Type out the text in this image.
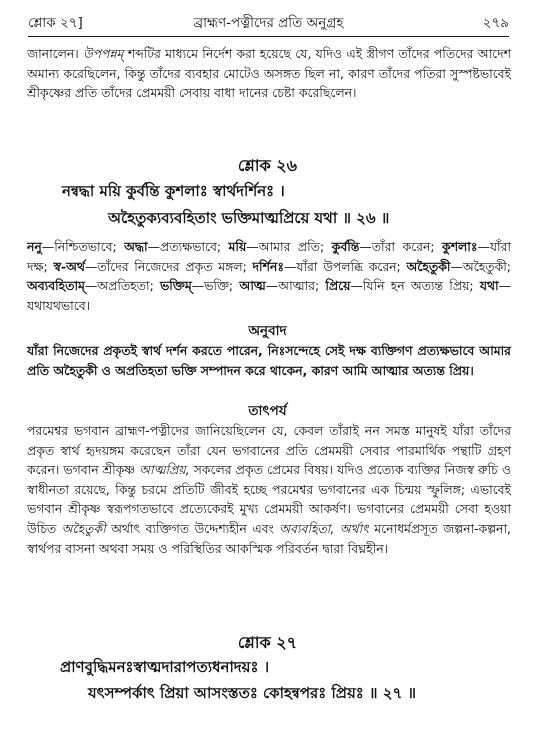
শ্লোক ২৭]	ব্রাহ্মণ-পত্নীদের প্রতি অনুগ্রহ	২৭৯
জানালেন। উপপন্নম্ শব্দটির মাধ্যমে নির্দেশ করা হয়েছে যে, যদিও এই স্ত্রীগণ তাঁদের পতিদের আদেশ অমান্য করেছিলেন, কিন্তু তাঁদের ব্যবহার মোটেও অসঙ্গত ছিল না, কারণ তাঁদের পতিরা সুস্পষ্টভাবেই শ্রীকৃষ্ণের প্রতি তাঁদের প্রেমময়ী সেবায় বাধা দানের চেষ্টা করেছিলেন।
শ্লোক ২৬
নন্বদ্ধা ময়ি কুর্বন্তি কুশলাঃ স্বার্থদর্শিনঃ ।
অহৈতুক্যব্যবহিতাং ভক্তিমাত্মপ্রিয়ে যথা ॥ ২৬ ॥
ননু—নিশ্চিতভাবে; অদ্ধা—প্রত্যক্ষভাবে; ময়ি—আমার প্রতি; কুর্বন্তি—তাঁরা করেন; কুশলাঃ—যাঁরা দক্ষ; স্ব-অর্থ—তাঁদের নিজেদের প্রকৃত মঙ্গল; দর্শিনঃ—যাঁরা উপলব্ধি করেন; অহৈতুকী—অহৈতুকী; অব্যবহিতাম্—অপ্রতিহতা; ভক্তিম্—ভক্তি; আত্ম—আত্মার; প্রিয়ে—যিনি হন অত্যন্ত প্রিয়; যথা—যথাযথভাবে।
অনুবাদ
যাঁরা নিজেদের প্রকৃতই স্বার্থ দর্শন করতে পারেন, নিঃসন্দেহে সেই দক্ষ ব্যক্তিগণ প্রত্যক্ষভাবে আমার প্রতি অহৈতুকী ও অপ্রতিহতা ভক্তি সম্পাদন করে থাকেন, কারণ আমি আত্মার অত্যন্ত প্রিয়।
তাৎপর্য
পরমেশ্বর ভগবান ব্রাহ্মণ-পত্নীদের জানিয়েছিলেন যে, কেবল তাঁরাই নন সমস্ত মানুষই যাঁরা তাঁদের প্রকৃত স্বার্থ হৃদয়ঙ্গম করেছেন তাঁরা যেন ভগবানের প্রতি প্রেমময়ী সেবার পারমার্থিক পন্থাটি গ্রহণ করেন। ভগবান শ্রীকৃষ্ণ আত্মপ্রিয়, সকলের প্রকৃত প্রেমের বিষয়। যদিও প্রত্যেক ব্যক্তির নিজস্ব রুচি ও স্বাধীনতা রয়েছে, কিন্তু চরমে প্রতিটি জীবই হচ্ছে পরমেশ্বর ভগবানের এক চিন্ময় স্ফুলিঙ্গ; এভাবেই ভগবান শ্রীকৃষ্ণ স্বরূপগতভাবে প্রত্যেকেরই মুখ্য প্রেমময়ী আকর্ষণ। ভগবানের প্রেমময়ী সেবা হওয়া উচিত অহৈতুকী অর্থাৎ ব্যক্তিগত উদ্দেশ্যহীন এবং অব্যবহিতা, অর্থাৎ মনোধর্মপ্রসূত জল্পনা-কল্পনা, স্বার্থপর বাসনা অথবা সময় ও পরিস্থিতির আকস্মিক পরিবর্তন দ্বারা বিঘ্নহীন।
শ্লোক ২৭
প্রাণবুদ্ধিমনঃস্বাত্মদারাপত্যধনাদয়ঃ ।
যৎসম্পর্কাৎ প্রিয়া আসংস্ততঃ কোহন্বপরঃ প্রিয়ঃ ॥ ২৭ ॥
